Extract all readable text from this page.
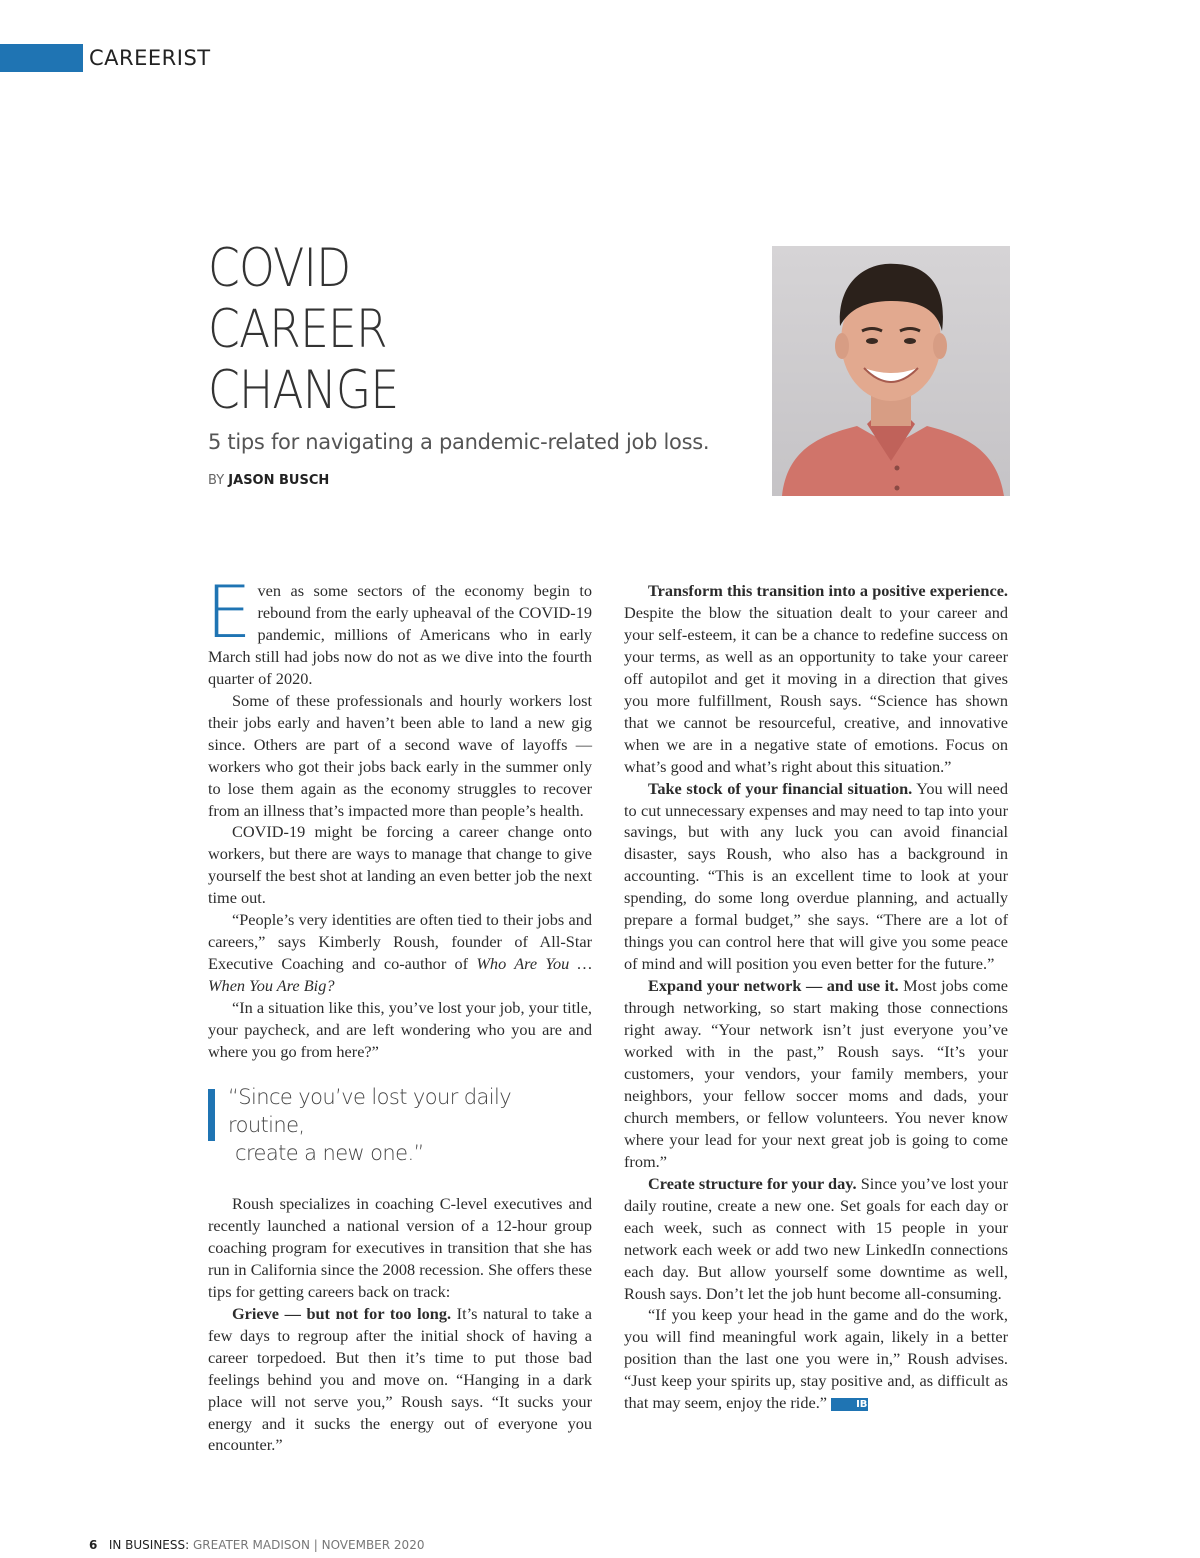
CAREERIST
COVID
CAREER
CHANGE
5 tips for navigating a pandemic-related job loss.
BY JASON BUSCH

Even as some sectors of the economy begin to rebound from the early upheaval of the COVID-19 pandemic, millions of Americans who in early March still had jobs now do not as we dive into the fourth quarter of 2020.

Some of these professionals and hourly workers lost their jobs early and haven’t been able to land a new gig since. Others are part of a second wave of layoffs — workers who got their jobs back early in the summer only to lose them again as the economy struggles to recover from an illness that’s impacted more than people’s health.

COVID-19 might be forcing a career change onto workers, but there are ways to manage that change to give yourself the best shot at landing an even better job the next time out.

“People’s very identities are often tied to their jobs and careers,” says Kimberly Roush, founder of All-Star Executive Coaching and co-author of Who Are You … When You Are Big?

“In a situation like this, you’ve lost your job, your title, your paycheck, and are left wondering who you are and where you go from here?”

“Since you’ve lost your daily routine,
create a new one.”

Roush specializes in coaching C-level executives and recently launched a national version of a 12-hour group coaching program for executives in transition that she has run in California since the 2008 recession. She offers these tips for getting careers back on track:

Grieve — but not for too long. It’s natural to take a few days to regroup after the initial shock of having a career torpedoed. But then it’s time to put those bad feelings behind you and move on. “Hanging in a dark place will not serve you,” Roush says. “It sucks your energy and it sucks the energy out of everyone you encounter.”

Transform this transition into a positive experience. Despite the blow the situation dealt to your career and your self-esteem, it can be a chance to redefine success on your terms, as well as an opportunity to take your career off autopilot and get it moving in a direction that gives you more fulfillment, Roush says. “Science has shown that we cannot be resourceful, creative, and innovative when we are in a negative state of emotions. Focus on what’s good and what’s right about this situation.”

Take stock of your financial situation. You will need to cut unnecessary expenses and may need to tap into your savings, but with any luck you can avoid financial disaster, says Roush, who also has a background in accounting. “This is an excellent time to look at your spending, do some long overdue planning, and actually prepare a formal budget,” she says. “There are a lot of things you can control here that will give you some peace of mind and will position you even better for the future.”

Expand your network — and use it. Most jobs come through networking, so start making those connections right away. “Your network isn’t just everyone you’ve worked with in the past,” Roush says. “It’s your customers, your vendors, your family members, your neighbors, your fellow soccer moms and dads, your church members, or fellow volunteers. You never know where your lead for your next great job is going to come from.”

Create structure for your day. Since you’ve lost your daily routine, create a new one. Set goals for each day or each week, such as connect with 15 people in your network each week or add two new LinkedIn connections each day. But allow yourself some downtime as well, Roush says. Don’t let the job hunt become all-consuming.

“If you keep your head in the game and do the work, you will find meaningful work again, likely in a better position than the last one you were in,” Roush advises. “Just keep your spirits up, stay positive and, as difficult as that may seem, enjoy the ride.”	IB

6 IN BUSINESS: GREATER MADISON | NOVEMBER 2020
